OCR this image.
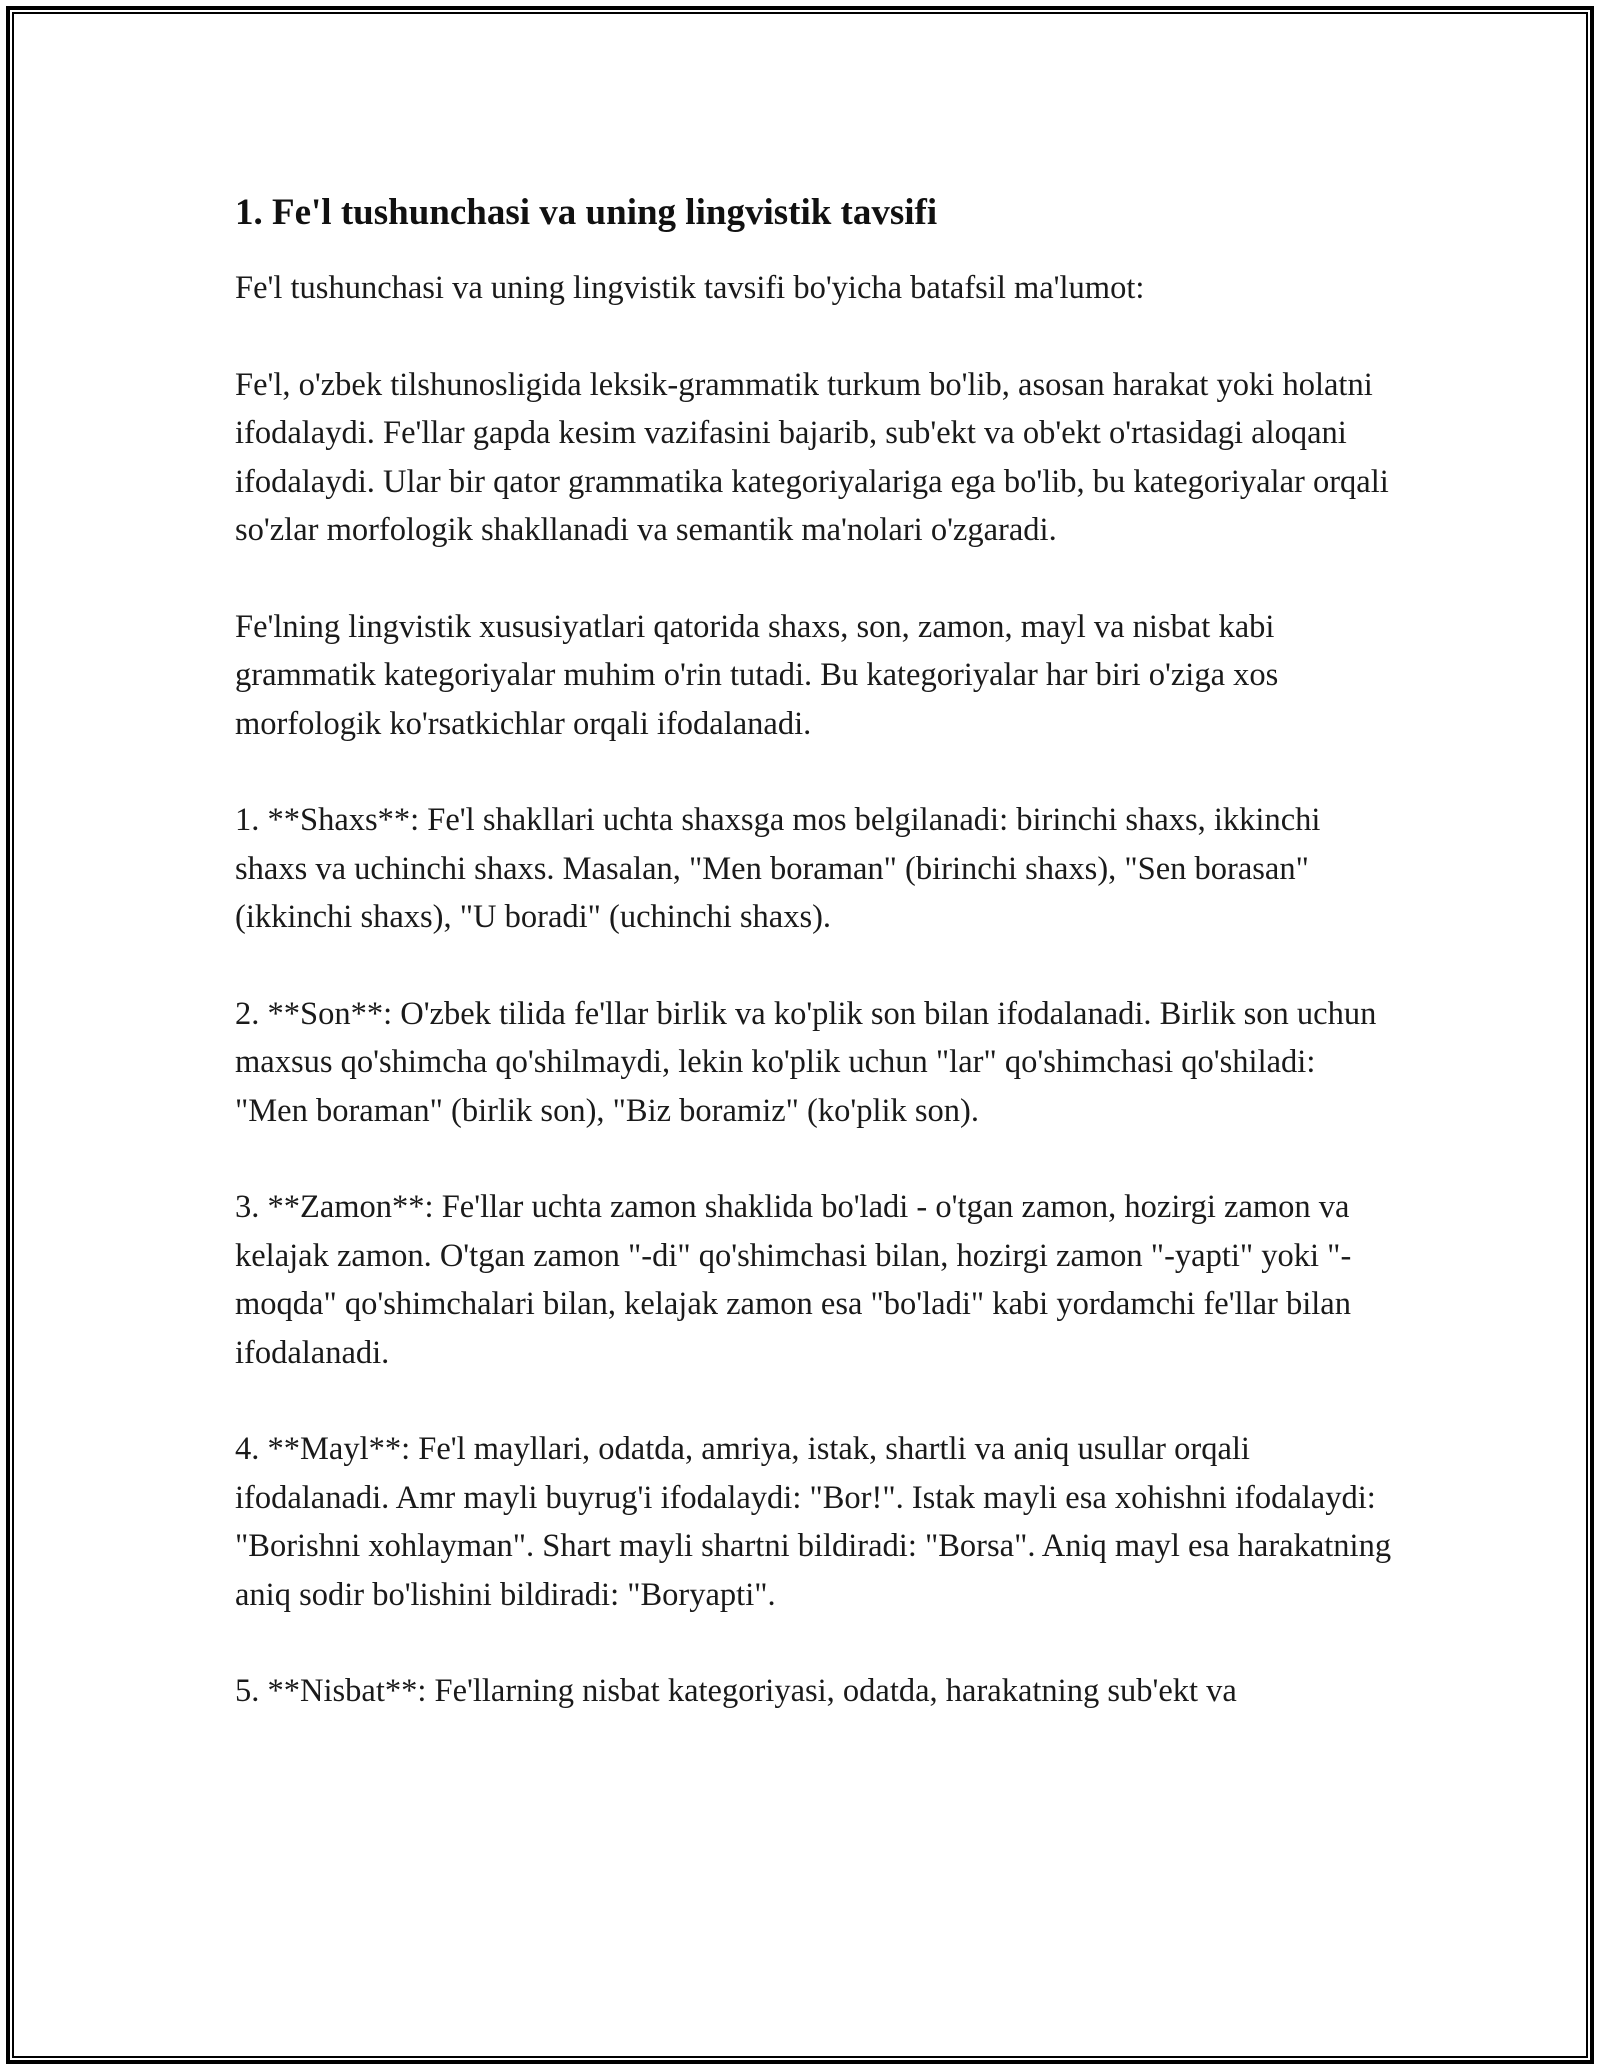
1. Fe'l tushunchasi va uning lingvistik tavsifi

Fe'l tushunchasi va uning lingvistik tavsifi bo'yicha batafsil ma'lumot:

Fe'l, o'zbek tilshunosligida leksik-grammatik turkum bo'lib, asosan harakat yoki holatni ifodalaydi. Fe'llar gapda kesim vazifasini bajarib, sub'ekt va ob'ekt o'rtasidagi aloqani ifodalaydi. Ular bir qator grammatika kategoriyalariga ega bo'lib, bu kategoriyalar orqali so'zlar morfologik shakllanadi va semantik ma'nolari o'zgaradi.

Fe'lning lingvistik xususiyatlari qatorida shaxs, son, zamon, mayl va nisbat kabi grammatik kategoriyalar muhim o'rin tutadi. Bu kategoriyalar har biri o'ziga xos morfologik ko'rsatkichlar orqali ifodalanadi.

1. **Shaxs**: Fe'l shakllari uchta shaxsga mos belgilanadi: birinchi shaxs, ikkinchi shaxs va uchinchi shaxs. Masalan, "Men boraman" (birinchi shaxs), "Sen borasan" (ikkinchi shaxs), "U boradi" (uchinchi shaxs).

2. **Son**: O'zbek tilida fe'llar birlik va ko'plik son bilan ifodalanadi. Birlik son uchun maxsus qo'shimcha qo'shilmaydi, lekin ko'plik uchun "lar" qo'shimchasi qo'shiladi: "Men boraman" (birlik son), "Biz boramiz" (ko'plik son).

3. **Zamon**: Fe'llar uchta zamon shaklida bo'ladi - o'tgan zamon, hozirgi zamon va kelajak zamon. O'tgan zamon "-di" qo'shimchasi bilan, hozirgi zamon "-yapti" yoki "-moqda" qo'shimchalari bilan, kelajak zamon esa "bo'ladi" kabi yordamchi fe'llar bilan ifodalanadi.

4. **Mayl**: Fe'l mayllari, odatda, amriya, istak, shartli va aniq usullar orqali ifodalanadi. Amr mayli buyrug'i ifodalaydi: "Bor!". Istak mayli esa xohishni ifodalaydi: "Borishni xohlayman". Shart mayli shartni bildiradi: "Borsa". Aniq mayl esa harakatning aniq sodir bo'lishini bildiradi: "Boryapti".

5. **Nisbat**: Fe'llarning nisbat kategoriyasi, odatda, harakatning sub'ekt va
